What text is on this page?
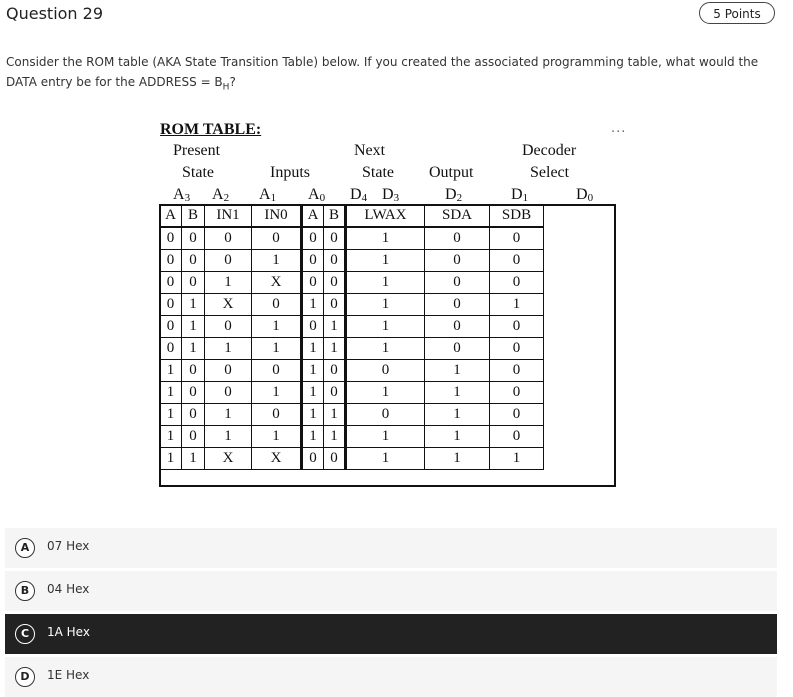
Question 29	5 Points
Consider the ROM table (AKA State Transition Table) below. If you created the associated programming table, what would the DATA entry be for the ADDRESS = $B_H$?
...
ROM TABLE:
Present	Next	Decoder
State	Inputs	State Output	Select
A3 A2 A1 A0 D4 D3	D2	D1	D0
A	B	IN1	IN0	A	B	LWAX	SDA	SDB
0	0	0	0	0	0	1	0	0
0	0	0	1	0	0	1	0	0
0	0	1	X	0	0	1	0	0
0	1	X	0	1	0	1	0	1
0	1	0	1	0	1	1	0	0
0	1	1	1	1	1	1	0	0
1	0	0	0	1	0	0	1	0
1	0	0	1	1	0	1	1	0
1	0	1	0	1	1	0	1	0
1	0	1	1	1	1	1	1	0
1	1	X	X	0	0	1	1	1
A	07 Hex
B	04 Hex
C	1A Hex
D	1E Hex
